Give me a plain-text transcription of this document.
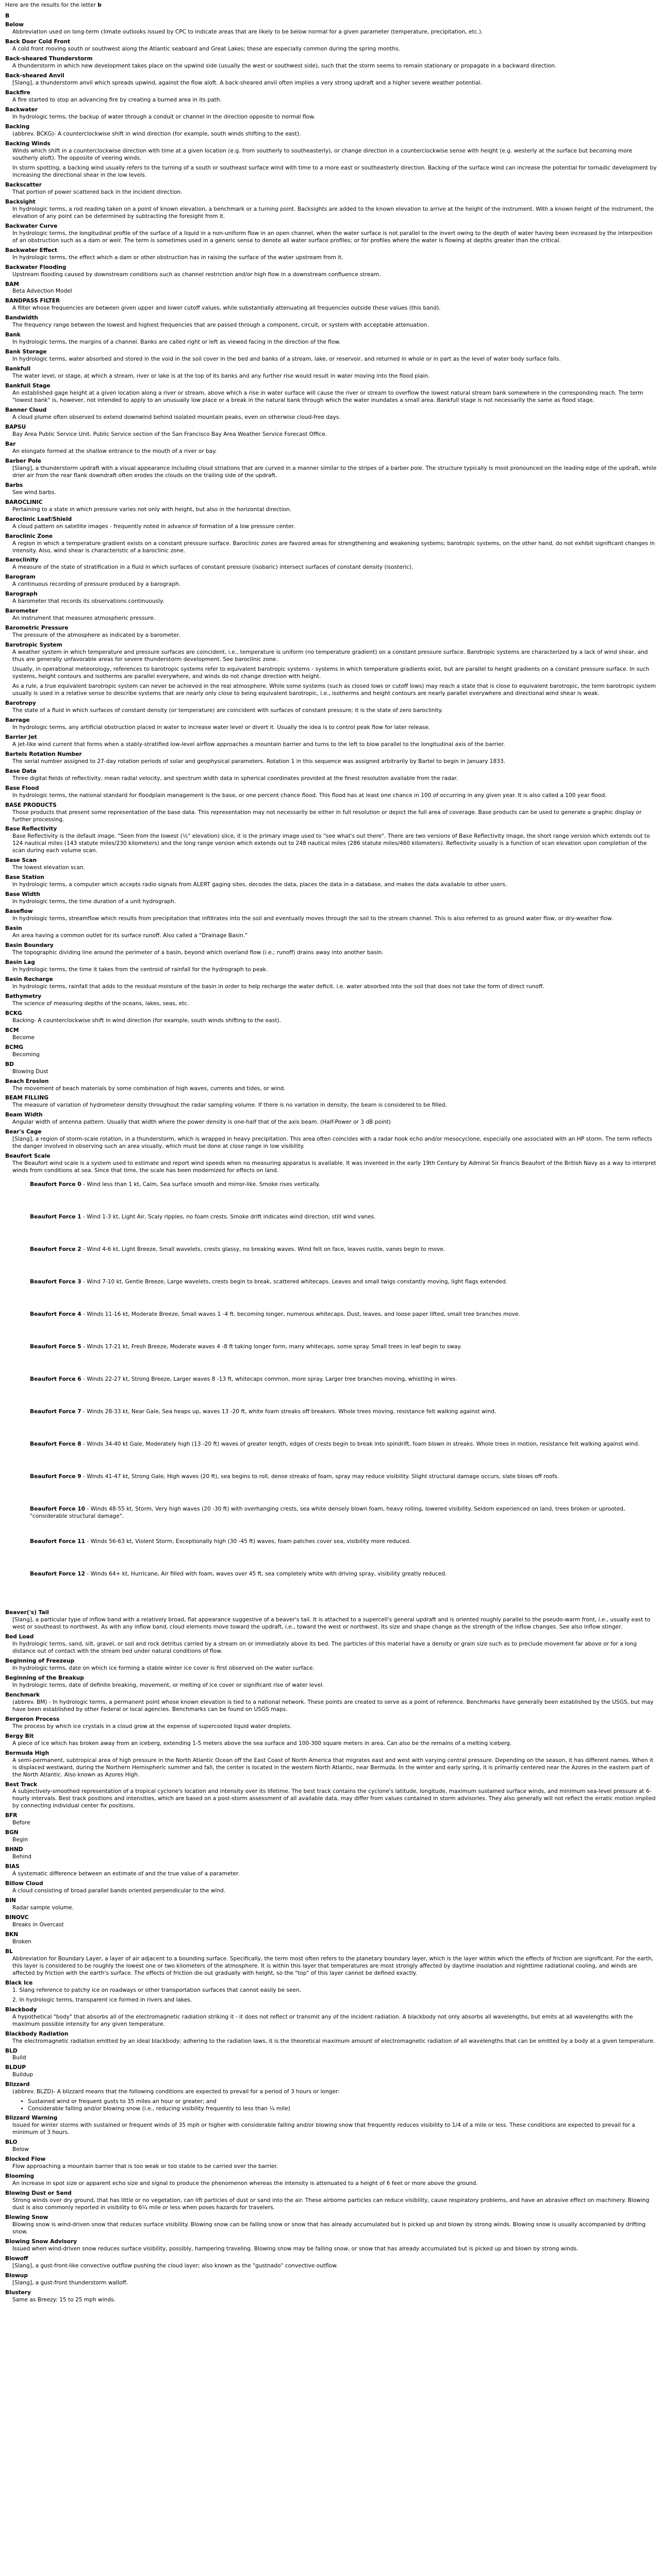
Here are the results for the letter b
B
Below

Abbreviation used on long-term climate outlooks issued by CPC to indicate areas that are likely to be below normal for a given parameter (temperature, precipitation, etc.).

Back Door Cold Front

A cold front moving south or southwest along the Atlantic seaboard and Great Lakes; these are especially common during the spring months.

Back-sheared Thunderstorm

A thunderstorm in which new development takes place on the upwind side (usually the west or southwest side), such that the storm seems to remain stationary or propagate in a backward direction.

Back-sheared Anvil

[Slang], a thunderstorm anvil which spreads upwind, against the flow aloft. A back-sheared anvil often implies a very strong updraft and a higher severe weather potential.

Backfire

A fire started to stop an advancing fire by creating a burned area in its path.

Backwater

In hydrologic terms, the backup of water through a conduit or channel in the direction opposite to normal flow.

Backing

(abbrev. BCKG)- A counterclockwise shift in wind direction (for example, south winds shifting to the east).

Backing Winds

Winds which shift in a counterclockwise direction with time at a given location (e.g. from southerly to southeasterly), or change direction in a counterclockwise sense with height (e.g. westerly at the surface but becoming more southerly aloft). The opposite of veering winds.

In storm spotting, a backing wind usually refers to the turning of a south or southeast surface wind with time to a more east or southeasterly direction. Backing of the surface wind can increase the potential for tornadic development by increasing the directional shear in the low levels.

Backscatter

That portion of power scattered back in the incident direction.

Backsight

In hydrologic terms, a rod reading taken on a point of known elevation, a benchmark or a turning point. Backsights are added to the known elevation to arrive at the height of the instrument. With a known height of the instrument, the elevation of any point can be determined by subtracting the foresight from it.

Backwater Curve

In hydrologic terms, the longitudinal profile of the surface of a liquid in a non-uniform flow in an open channel, when the water surface is not parallel to the invert owing to the depth of water having been increased by the interposition of an obstruction such as a dam or weir. The term is sometimes used in a generic sense to denote all water surface profiles; or for profiles where the water is flowing at depths greater than the critical.

Backwater Effect

In hydrologic terms, the effect which a dam or other obstruction has in raising the surface of the water upstream from it.

Backwater Flooding

Upstream flooding caused by downstream conditions such as channel restriction and/or high flow in a downstream confluence stream.

BAM

Beta Advection Model

BANDPASS FILTER

A filter whose frequencies are between given upper and lower cutoff values, while substantially attenuating all frequencies outside these values (this band).

Bandwidth

The frequency range between the lowest and highest frequencies that are passed through a component, circuit, or system with acceptable attenuation.

Bank

In hydrologic terms, the margins of a channel. Banks are called right or left as viewed facing in the direction of the flow.

Bank Storage

In hydrologic terms, water absorbed and stored in the void in the soil cover in the bed and banks of a stream, lake, or reservoir, and returned in whole or in part as the level of water body surface falls.

Bankfull

The water level, or stage, at which a stream, river or lake is at the top of its banks and any further rise would result in water moving into the flood plain.

Bankfull Stage

An established gage height at a given location along a river or stream, above which a rise in water surface will cause the river or stream to overflow the lowest natural stream bank somewhere in the corresponding reach. The term "lowest bank" is, however, not intended to apply to an unusually low place or a break in the natural bank through which the water inundates a small area. Bankfull stage is not necessarily the same as flood stage.

Banner Cloud

A cloud plume often observed to extend downwind behind isolated mountain peaks, even on otherwise cloud-free days.

BAPSU

Bay Area Public Service Unit. Public Service section of the San Francisco Bay Area Weather Service Forecast Office.

Bar

An elongate formed at the shallow entrance to the mouth of a river or bay.

Barber Pole

[Slang], a thunderstorm updraft with a visual appearance including cloud striations that are curved in a manner similar to the stripes of a barber pole. The structure typically is most pronounced on the leading edge of the updraft, while drier air from the rear flank downdraft often erodes the clouds on the trailing side of the updraft.

Barbs

See wind barbs.

BAROCLINIC

Pertaining to a state in which pressure varies not only with height, but also in the horizontal direction.

Baroclinic Leaf/Shield

A cloud pattern on satellite images - frequently noted in advance of formation of a low pressure center.

Baroclinic Zone

A region in which a temperature gradient exists on a constant pressure surface. Baroclinic zones are favored areas for strengthening and weakening systems; barotropic systems, on the other hand, do not exhibit significant changes in intensity. Also, wind shear is characteristic of a baroclinic zone.

Baroclinity

A measure of the state of stratification in a fluid in which surfaces of constant pressure (isobaric) intersect surfaces of constant density (isosteric).

Barogram

A continuous recording of pressure produced by a barograph.

Barograph

A barometer that records its observations continuously.

Barometer

An instrument that measures atmospheric pressure.

Barometric Pressure

The pressure of the atmosphere as indicated by a barometer.

Barotropic System

A weather system in which temperature and pressure surfaces are coincident, i.e., temperature is uniform (no temperature gradient) on a constant pressure surface. Barotropic systems are characterized by a lack of wind shear, and thus are generally unfavorable areas for severe thunderstorm development. See baroclinic zone.

Usually, in operational meteorology, references to barotropic systems refer to equivalent barotropic systems - systems in which temperature gradients exist, but are parallel to height gradients on a constant pressure surface. In such systems, height contours and isotherms are parallel everywhere, and winds do not change direction with height.

As a rule, a true equivalent barotropic system can never be achieved in the real atmosphere. While some systems (such as closed lows or cutoff lows) may reach a state that is close to equivalent barotropic, the term barotropic system usually is used in a relative sense to describe systems that are nearly only close to being equivalent barotropic, i.e., isotherms and height contours are nearly parallel everywhere and directional wind shear is weak.

Barotropy

The state of a fluid in which surfaces of constant density (or temperature) are coincident with surfaces of constant pressure; it is the state of zero baroclinity.

Barrage

In hydrologic terms, any artificial obstruction placed in water to increase water level or divert it. Usually the idea is to control peak flow for later release.

Barrier Jet

A jet-like wind current that forms when a stably-stratified low-level airflow approaches a mountain barrier and turns to the left to blow parallel to the longitudinal axis of the barrier.

Bartels Rotation Number

The serial number assigned to 27-day rotation periods of solar and geophysical parameters. Rotation 1 in this sequence was assigned arbitrarily by Bartel to begin in January 1833.

Base Data

Three digital fields of reflectivity, mean radial velocity, and spectrum width data in spherical coordinates provided at the finest resolution available from the radar.

Base Flood

In hydrologic terms, the national standard for floodplain management is the base, or one percent chance flood. This flood has at least one chance in 100 of occurring in any given year. It is also called a 100 year flood.

BASE PRODUCTS

Those products that present some representation of the base data. This representation may not necessarily be either in full resolution or depict the full area of coverage. Base products can be used to generate a graphic display or further processing.

Base Reflectivity

Base Reflectivity is the default image. "Seen from the lowest (½° elevation) slice, it is the primary image used to "see what's out there". There are two versions of Base Reflectivity image, the short range version which extends out to 124 nautical miles (143 statute miles/230 kilometers) and the long range version which extends out to 248 nautical miles (286 statute miles/460 kilometers). Reflectivity usually is a function of scan elevation upon completion of the scan during each volume scan.

Base Scan

The lowest elevation scan.

Base Station

In hydrologic terms, a computer which accepts radio signals from ALERT gaging sites, decodes the data, places the data in a database, and makes the data available to other users.

Base Width

In hydrologic terms, the time duration of a unit hydrograph.

Baseflow

In hydrologic terms, streamflow which results from precipitation that infiltrates into the soil and eventually moves through the soil to the stream channel. This is also referred to as ground water flow, or dry-weather flow.

Basin

An area having a common outlet for its surface runoff. Also called a "Drainage Basin."

Basin Boundary

The topographic dividing line around the perimeter of a basin, beyond which overland flow (i.e.; runoff) drains away into another basin.

Basin Lag

In hydrologic terms, the time it takes from the centroid of rainfall for the hydrograph to peak.

Basin Recharge

In hydrologic terms, rainfall that adds to the residual moisture of the basin in order to help recharge the water deficit. i.e. water absorbed into the soil that does not take the form of direct runoff.

Bathymetry

The science of measuring depths of the oceans, lakes, seas, etc.

BCKG

Backing- A counterclockwise shift in wind direction (for example, south winds shifting to the east).

BCM

Become

BCMG

Becoming

BD

Blowing Dust

Beach Erosion

The movement of beach materials by some combination of high waves, currents and tides, or wind.

BEAM FILLING

The measure of variation of hydrometeor density throughout the radar sampling volume. If there is no variation in density, the beam is considered to be filled.

Beam Width

Angular width of antenna pattern. Usually that width where the power density is one-half that of the axis beam. (Half-Power or 3 dB point)

Bear's Cage

[Slang], a region of storm-scale rotation, in a thunderstorm, which is wrapped in heavy precipitation. This area often coincides with a radar hook echo and/or mesocyclone, especially one associated with an HP storm. The term reflects the danger involved in observing such an area visually, which must be done at close range in low visibility.

Beaufort Scale

The Beaufort wind scale is a system used to estimate and report wind speeds when no measuring apparatus is available. It was invented in the early 19th Century by Admiral Sir Francis Beaufort of the British Navy as a way to interpret winds from conditions at sea. Since that time, the scale has been modernized for effects on land.

Beaufort Force 0 - Wind less than 1 kt, Calm, Sea surface smooth and mirror-like. Smoke rises vertically.
Beaufort Force 1 - Wind 1-3 kt, Light Air, Scaly ripples, no foam crests. Smoke drift indicates wind direction, still wind vanes.
Beaufort Force 2 - Wind 4-6 kt, Light Breeze, Small wavelets, crests glassy, no breaking waves. Wind felt on face, leaves rustle, vanes begin to move.
Beaufort Force 3 - Wind 7-10 kt, Gentle Breeze, Large wavelets, crests begin to break, scattered whitecaps. Leaves and small twigs constantly moving, light flags extended.
Beaufort Force 4 - Winds 11-16 kt, Moderate Breeze, Small waves 1 -4 ft. becoming longer, numerous whitecaps. Dust, leaves, and loose paper lifted, small tree branches move.
Beaufort Force 5 - Winds 17-21 kt, Fresh Breeze, Moderate waves 4 -8 ft taking longer form, many whitecaps, some spray. Small trees in leaf begin to sway.
Beaufort Force 6 - Winds 22-27 kt, Strong Breeze, Larger waves 8 -13 ft, whitecaps common, more spray. Larger tree branches moving, whistling in wires.
Beaufort Force 7 - Winds 28-33 kt, Near Gale, Sea heaps up, waves 13 -20 ft, white foam streaks off breakers. Whole trees moving, resistance felt walking against wind.
Beaufort Force 8 - Winds 34-40 kt Gale, Moderately high (13 -20 ft) waves of greater length, edges of crests begin to break into spindrift, foam blown in streaks. Whole trees in motion, resistance felt walking against wind.
Beaufort Force 9 - Winds 41-47 kt, Strong Gale, High waves (20 ft), sea begins to roll, dense streaks of foam, spray may reduce visibility. Slight structural damage occurs, slate blows off roofs.
Beaufort Force 10 - Winds 48-55 kt, Storm, Very high waves (20 -30 ft) with overhanging crests, sea white densely blown foam, heavy rolling, lowered visibility. Seldom experienced on land, trees broken or uprooted, "considerable structural damage".
Beaufort Force 11 - Winds 56-63 kt, Violent Storm, Exceptionally high (30 -45 ft) waves, foam patches cover sea, visibility more reduced.
Beaufort Force 12 - Winds 64+ kt, Hurricane, Air filled with foam, waves over 45 ft, sea completely white with driving spray, visibility greatly reduced.
Beaver('s) Tail

[Slang], a particular type of inflow band with a relatively broad, flat appearance suggestive of a beaver's tail. It is attached to a supercell's general updraft and is oriented roughly parallel to the pseudo-warm front, i.e., usually east to west or southeast to northwest. As with any inflow band, cloud elements move toward the updraft, i.e., toward the west or northwest. Its size and shape change as the strength of the inflow changes. See also inflow stinger.

Bed Load

In hydrologic terms, sand, silt, gravel, or soil and rock detritus carried by a stream on or immediately above its bed. The particles of this material have a density or grain size such as to preclude movement far above or for a long distance out of contact with the stream bed under natural conditions of flow.

Beginning of Freezeup

In hydrologic terms, date on which ice forming a stable winter ice cover is first observed on the water surface.

Beginning of the Breakup

In hydrologic terms, date of definite breaking, movement, or melting of ice cover or significant rise of water level.

Benchmark

(abbrev. BM) - In hydrologic terms, a permanent point whose known elevation is tied to a national network. These points are created to serve as a point of reference. Benchmarks have generally been established by the USGS, but may have been established by other Federal or local agencies. Benchmarks can be found on USGS maps.

Bergeron Process

The process by which ice crystals in a cloud grow at the expense of supercooled liquid water droplets.

Bergy Bit

A piece of ice which has broken away from an iceberg, extending 1-5 meters above the sea surface and 100-300 square meters in area. Can also be the remains of a melting iceberg.

Bermuda High

A semi-permanent, subtropical area of high pressure in the North Atlantic Ocean off the East Coast of North America that migrates east and west with varying central pressure. Depending on the season, it has different names. When it is displaced westward, during the Northern Hemispheric summer and fall, the center is located in the western North Atlantic, near Bermuda. In the winter and early spring, it is primarily centered near the Azores in the eastern part of the North Atlantic. Also known as Azores High.

Best Track

A subjectively-smoothed representation of a tropical cyclone's location and intensity over its lifetime. The best track contains the cyclone's latitude, longitude, maximum sustained surface winds, and minimum sea-level pressure at 6-hourly intervals. Best track positions and intensities, which are based on a post-storm assessment of all available data, may differ from values contained in storm advisories. They also generally will not reflect the erratic motion implied by connecting individual center fix positions.

BFR

Before

BGN

Begin

BHND

Behind

BIAS

A systematic difference between an estimate of and the true value of a parameter.

Billow Cloud

A cloud consisting of broad parallel bands oriented perpendicular to the wind.

BIN

Radar sample volume.

BINOVC

Breaks in Overcast

BKN

Broken

BL

Abbreviation for Boundary Layer, a layer of air adjacent to a bounding surface. Specifically, the term most often refers to the planetary boundary layer, which is the layer within which the effects of friction are significant. For the earth, this layer is considered to be roughly the lowest one or two kilometers of the atmosphere. It is within this layer that temperatures are most strongly affected by daytime insolation and nighttime radiational cooling, and winds are affected by friction with the earth's surface. The effects of friction die out gradually with height, so the "top" of this layer cannot be defined exactly.

Black Ice

1. Slang reference to patchy ice on roadways or other transportation surfaces that cannot easily be seen.

2. In hydrologic terms, transparent ice formed in rivers and lakes.

Blackbody

A hypothetical "body" that absorbs all of the electromagnetic radiation striking it - it does not reflect or transmit any of the incident radiation. A blackbody not only absorbs all wavelengths, but emits at all wavelengths with the maximum possible intensity for any given temperature.

Blackbody Radiation

The electromagnetic radiation emitted by an ideal blackbody; adhering to the radiation laws, it is the theoretical maximum amount of electromagnetic radiation of all wavelengths that can be emitted by a body at a given temperature.

BLD

Build

BLDUP

Buildup

Blizzard

(abbrev. BLZD)- A blizzard means that the following conditions are expected to prevail for a period of 3 hours or longer:

• Sustained wind or frequent gusts to 35 miles an hour or greater; and
• Considerable falling and/or blowing snow (i.e., reducing visibility frequently to less than ¼ mile)
Blizzard Warning

Issued for winter storms with sustained or frequent winds of 35 mph or higher with considerable falling and/or blowing snow that frequently reduces visibility to 1/4 of a mile or less. These conditions are expected to prevail for a minimum of 3 hours.

BLO

Below

Blocked Flow

Flow approaching a mountain barrier that is too weak or too stable to be carried over the barrier.

Blooming

An increase in spot size or apparent echo size and signal to produce the phenomenon whereas the intensity is attenuated to a height of 6 feet or more above the ground.

Blowing Dust or Sand

Strong winds over dry ground, that has little or no vegetation, can lift particles of dust or sand into the air. These airborne particles can reduce visibility, cause respiratory problems, and have an abrasive effect on machinery. Blowing dust is also commonly reported in visibility to 6¼ mile or less when poses hazards for travelers.

Blowing Snow

Blowing snow is wind-driven snow that reduces surface visibility. Blowing snow can be falling snow or snow that has already accumulated but is picked up and blown by strong winds. Blowing snow is usually accompanied by drifting snow.

Blowing Snow Advisory

Issued when wind-driven snow reduces surface visibility, possibly, hampering traveling. Blowing snow may be falling snow, or snow that has already accumulated but is picked up and blown by strong winds.

Blowoff

[Slang], a gust-front-like convective outflow pushing the cloud layer; also known as the "gustnado" convective outflow.

Blowup

[Slang], a gust-front thunderstorm walloff.

Blustery

Same as Breezy: 15 to 25 mph winds.
